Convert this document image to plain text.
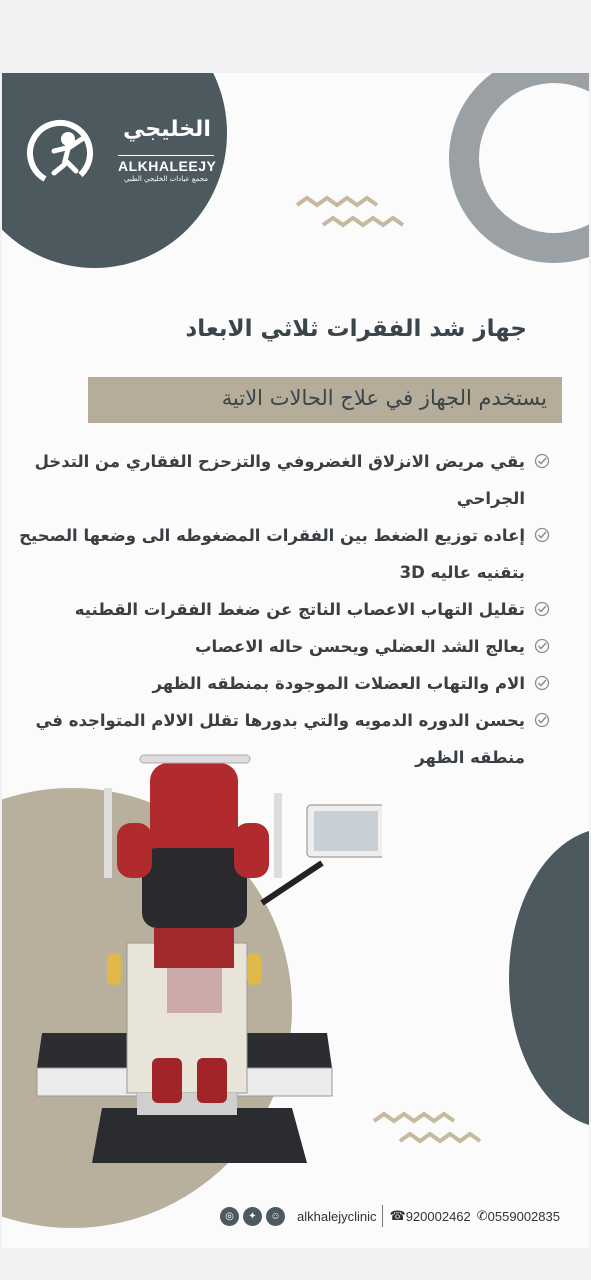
الخليجي
ALKHALEEJY
مجمع عيادات الخليجي الطبي
جهاز شد الفقرات ثلاثي الابعاد
يستخدم الجهاز في علاج الحالات الاتية
يقي مريض الانزلاق الغضروفي والتزحزح الفقاري من التدخل الجراحي
إعاده توزيع الضغط بين الفقرات المضغوطه الى وضعها الصحيح بتقنيه عاليه 3D
تقليل التهاب الاعصاب الناتج عن ضغط الفقرات القطنيه
يعالج الشد العضلي ويحسن حاله الاعصاب
الام والتهاب العضلات الموجودة بمنطقه الظهر
يحسن الدوره الدمويه والتي بدورها تقلل الالام المتواجده في منطقه الظهر
◎	✦	☺	alkhalejyclinic ☎ 920002462 ✆ 0559002835
